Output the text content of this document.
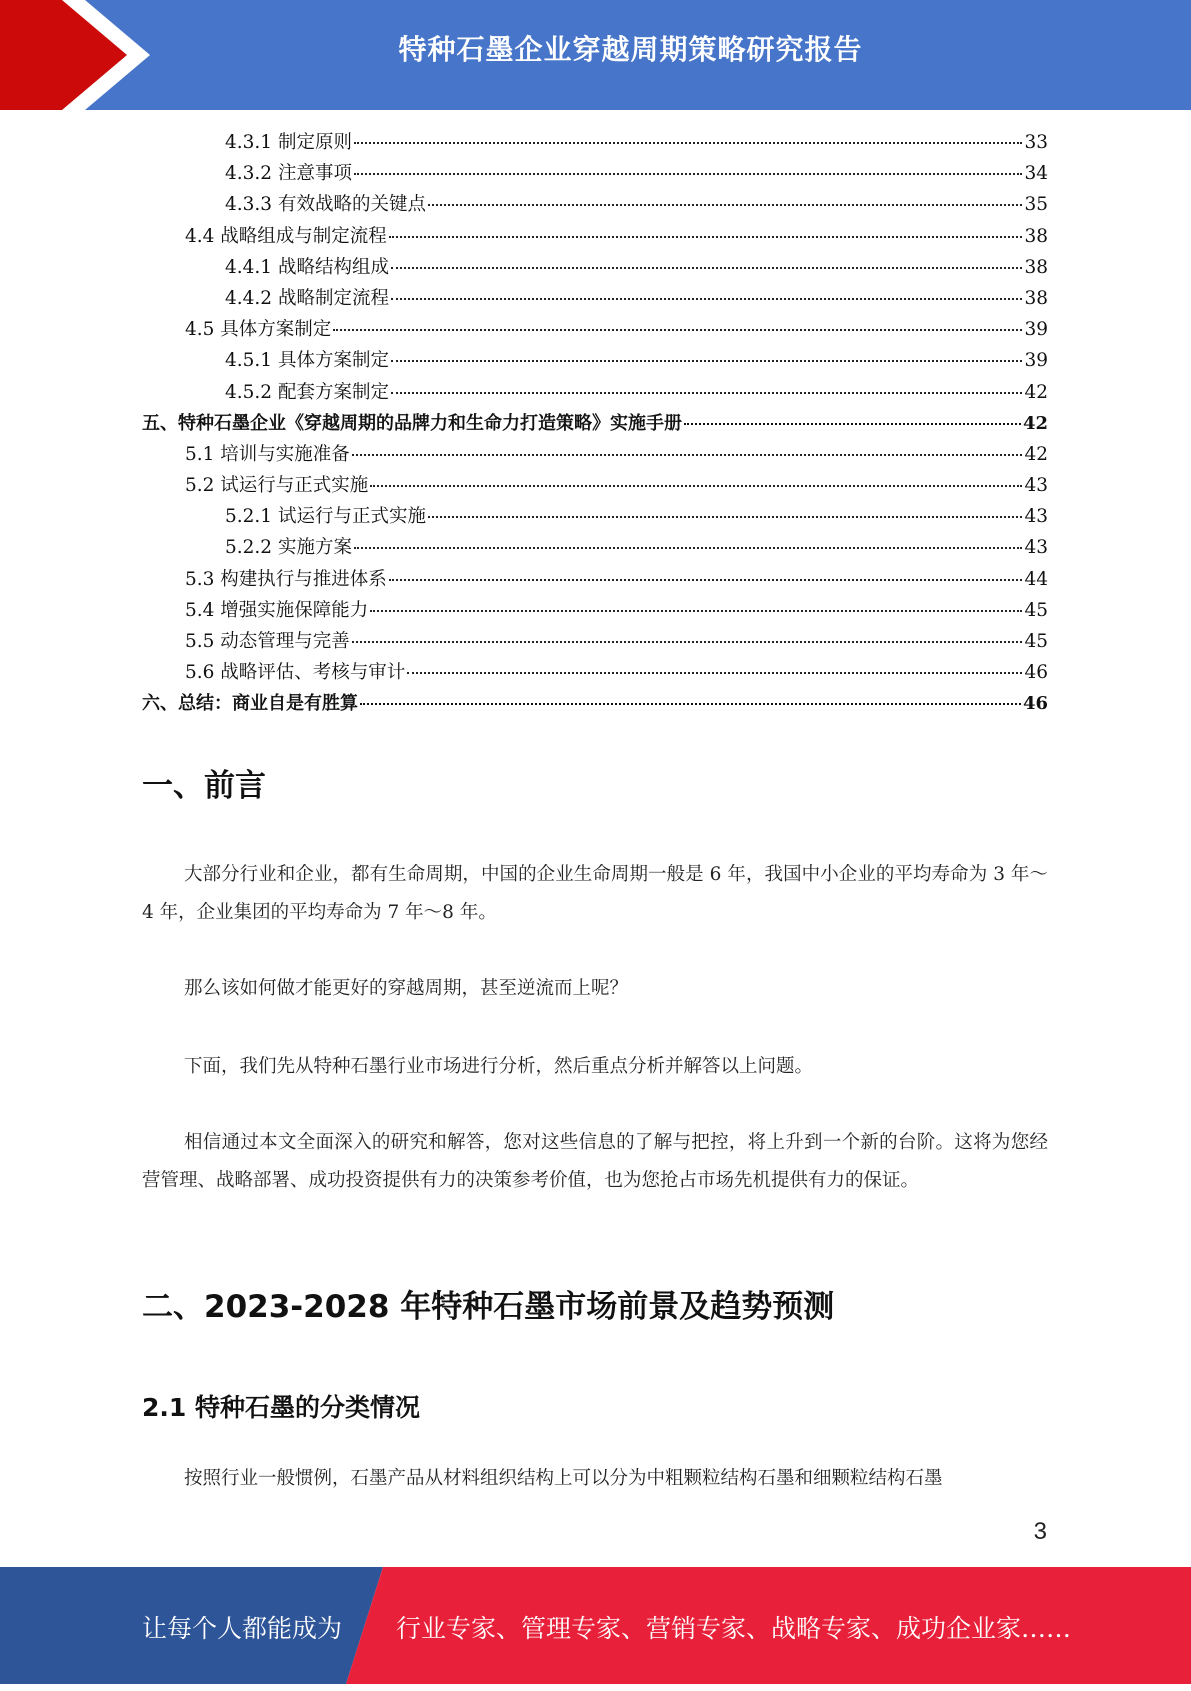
特种石墨企业穿越周期策略研究报告
4.3.1 制定原则	33
4.3.2 注意事项	34
4.3.3 有效战略的关键点	35
4.4 战略组成与制定流程	38
4.4.1 战略结构组成	38
4.4.2 战略制定流程	38
4.5 具体方案制定	39
4.5.1 具体方案制定	39
4.5.2 配套方案制定	42
五、特种石墨企业《穿越周期的品牌力和生命力打造策略》实施手册	42
5.1 培训与实施准备	42
5.2 试运行与正式实施	43
5.2.1 试运行与正式实施	43
5.2.2 实施方案	43
5.3 构建执行与推进体系	44
5.4 增强实施保障能力	45
5.5 动态管理与完善	45
5.6 战略评估、考核与审计	46
六、总结：商业自是有胜算	46
一、前言

大部分行业和企业，都有生命周期，中国的企业生命周期一般是 6 年，我国中小企业的平均寿命为 3 年～4 年，企业集团的平均寿命为 7 年～8 年。

那么该如何做才能更好的穿越周期，甚至逆流而上呢？

下面，我们先从特种石墨行业市场进行分析，然后重点分析并解答以上问题。

相信通过本文全面深入的研究和解答，您对这些信息的了解与把控，将上升到一个新的台阶。这将为您经营管理、战略部署、成功投资提供有力的决策参考价值，也为您抢占市场先机提供有力的保证。

二、2023-2028 年特种石墨市场前景及趋势预测
2.1 特种石墨的分类情况

按照行业一般惯例，石墨产品从材料组织结构上可以分为中粗颗粒结构石墨和细颗粒结构石墨

3
让每个人都能成为 行业专家、管理专家、营销专家、战略专家、成功企业家……
